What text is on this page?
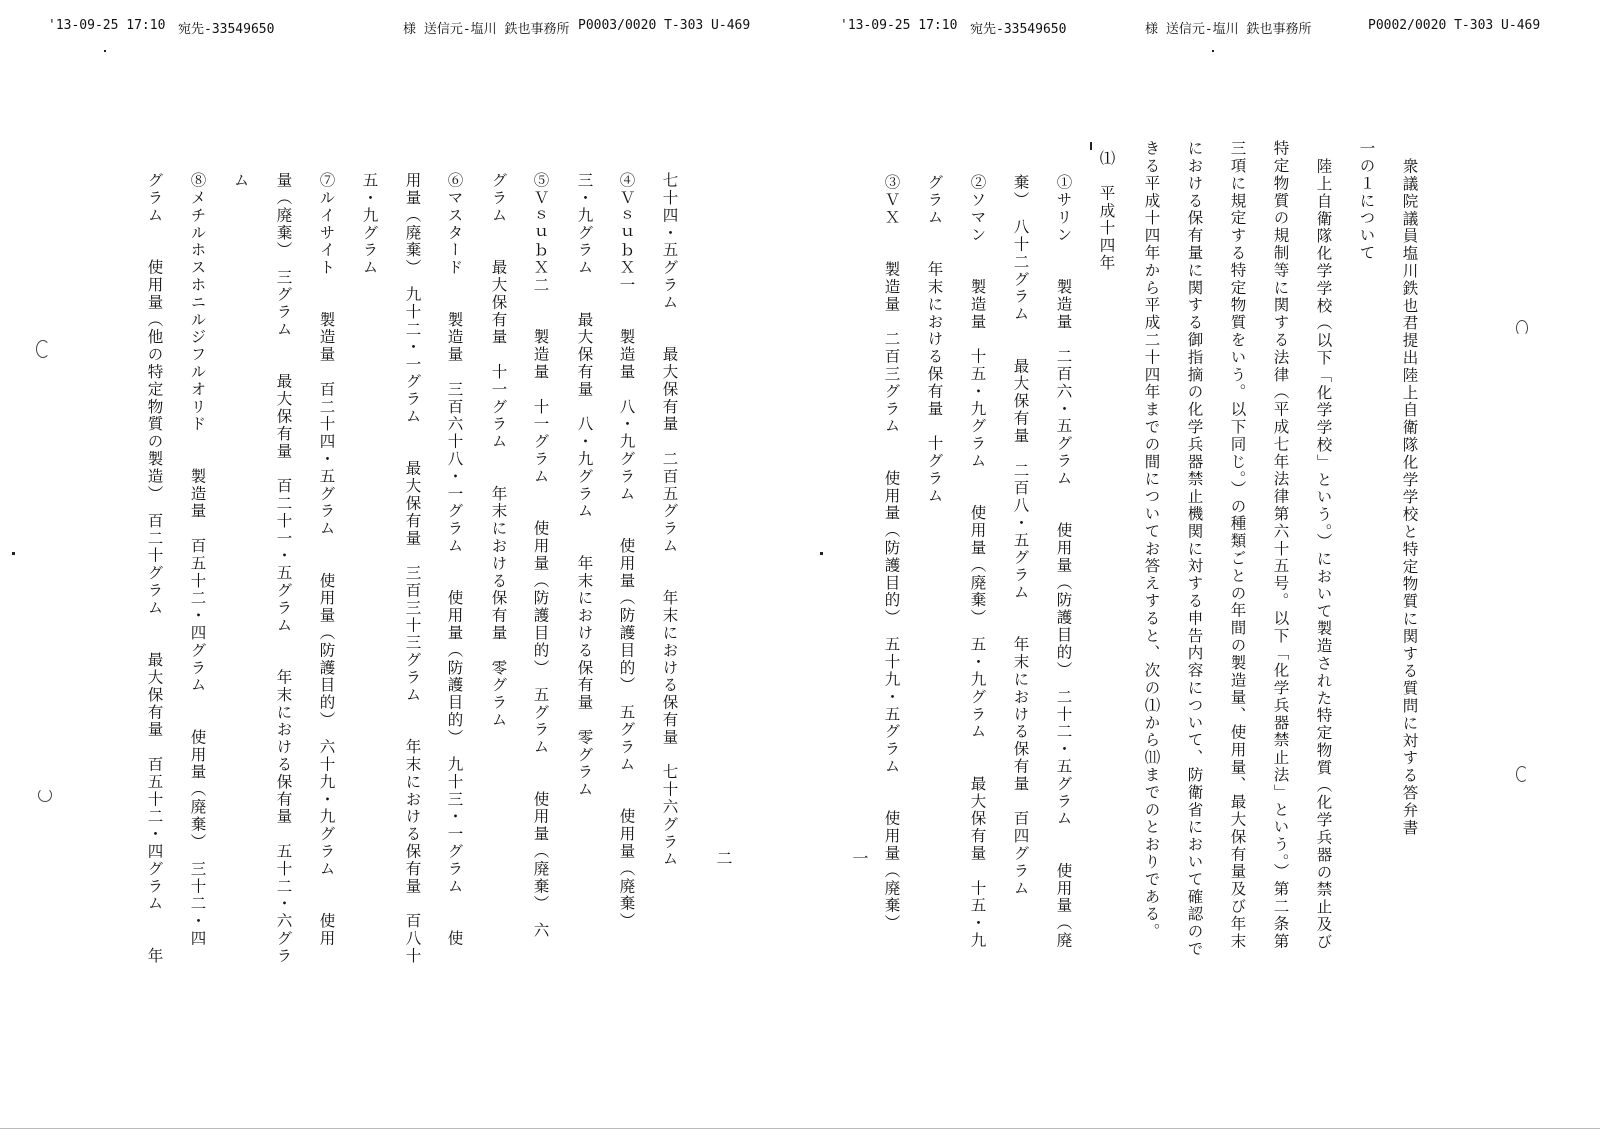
'13-09-25 17:10 宛先-33549650	様 送信元-塩川 鉄也事務所 P0003/0020 T-303 U-469	'13-09-25 17:10 宛先-33549650	様 送信元-塩川 鉄也事務所	P0002/0020 T-303 U-469
七十四・五グラム　　最大保有量　二百五グラム　　年末における保有量　七十六グラム
④ＶｓｕｂＸ一　　製造量　八・九グラム　　使用量（防護目的）　五グラム　　使用量（廃棄）
三・九グラム　　最大保有量　八・九グラム　　年末における保有量　零グラム
⑤ＶｓｕｂＸ二　　製造量　十一グラム　　使用量（防護目的）　五グラム　　使用量（廃棄）　六
グラム　　最大保有量　十一グラム　　年末における保有量　零グラム
⑥マスタード　　製造量　三百六十八・一グラム　　使用量（防護目的）　九十三・一グラム　　使
用量（廃棄）　九十二・一グラム　　最大保有量　三百三十三グラム　　年末における保有量　百八十
五・九グラム
⑦ルイサイト　　製造量　百二十四・五グラム　　使用量（防護目的）　六十九・九グラム　　使用
量（廃棄）　三グラム　　最大保有量　百二十一・五グラム　　年末における保有量　五十二・六グラ
ム
⑧メチルホスホニルジフルオリド　　製造量　百五十二・四グラム　　使用量（廃棄）　三十二・四
グラム　　使用量（他の特定物質の製造）　百二十グラム　　最大保有量　百五十二・四グラム　　年	二
衆議院議員塩川鉄也君提出陸上自衛隊化学学校と特定物質に関する質問に対する答弁書
一の１について
陸上自衛隊化学学校（以下「化学学校」という。）において製造された特定物質（化学兵器の禁止及び
特定物質の規制等に関する法律（平成七年法律第六十五号。以下「化学兵器禁止法」という。）第二条第
三項に規定する特定物質をいう。以下同じ。）の種類ごとの年間の製造量、使用量、最大保有量及び年末
における保有量に関する御指摘の化学兵器禁止機関に対する申告内容について、防衛省において確認ので
きる平成十四年から平成二十四年までの間についてお答えすると、次の⑴から⑾までのとおりである。
⑴　平成十四年
①サリン　　製造量　二百六・五グラム　　使用量（防護目的）　二十二・五グラム　　使用量（廃
棄）　八十二グラム　　最大保有量　二百八・五グラム　　年末における保有量　百四グラム
②ソマン　　製造量　十五・九グラム　　使用量（廃棄）　五・九グラム　　最大保有量　十五・九
グラム　　年末における保有量　十グラム
③ＶＸ　　製造量　二百三グラム　　使用量（防護目的）　五十九・五グラム　　使用量（廃棄）
一
